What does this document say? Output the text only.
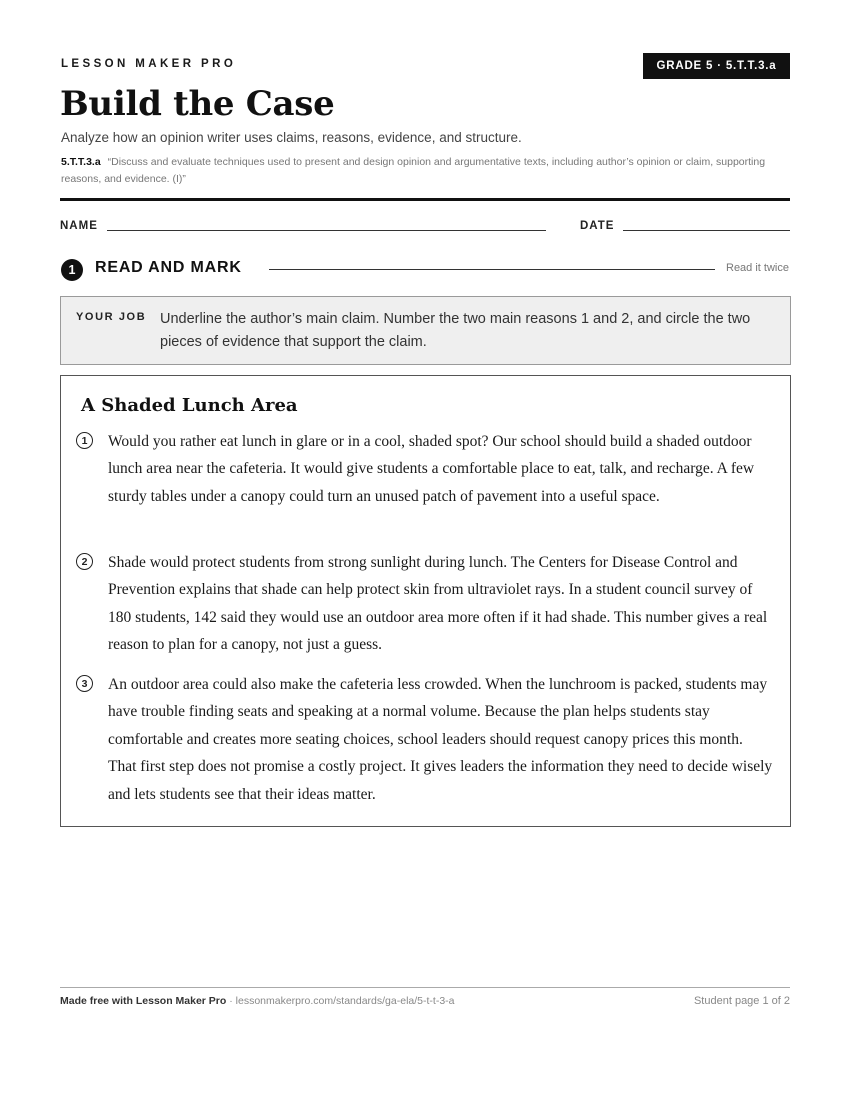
LESSON MAKER PRO	GRADE 5 · 5.T.T.3.a
Build the Case
Analyze how an opinion writer uses claims, reasons, evidence, and structure.
5.T.T.3.a “Discuss and evaluate techniques used to present and design opinion and argumentative texts, including author’s opinion or claim, supporting reasons, and evidence. (I)”
NAME	DATE
1	READ AND MARK	Read it twice
YOUR JOB Underline the author’s main claim. Number the two main reasons 1 and 2, and circle the two pieces of evidence that support the claim.
A Shaded Lunch Area
1	Would you rather eat lunch in glare or in a cool, shaded spot? Our school should build a shaded outdoor lunch area near the cafeteria. It would give students a comfortable place to eat, talk, and recharge. A few sturdy tables under a canopy could turn an unused patch of pavement into a useful space.
2	Shade would protect students from strong sunlight during lunch. The Centers for Disease Control and Prevention explains that shade can help protect skin from ultraviolet rays. In a student council survey of 180 students, 142 said they would use an outdoor area more often if it had shade. This number gives a real reason to plan for a canopy, not just a guess.
3	An outdoor area could also make the cafeteria less crowded. When the lunchroom is packed, students may have trouble finding seats and speaking at a normal volume. Because the plan helps students stay comfortable and creates more seating choices, school leaders should request canopy prices this month. That first step does not promise a costly project. It gives leaders the information they need to decide wisely and lets students see that their ideas matter.
Made free with Lesson Maker Pro · lessonmakerpro.com/standards/ga-ela/5-t-t-3-a	Student page 1 of 2
